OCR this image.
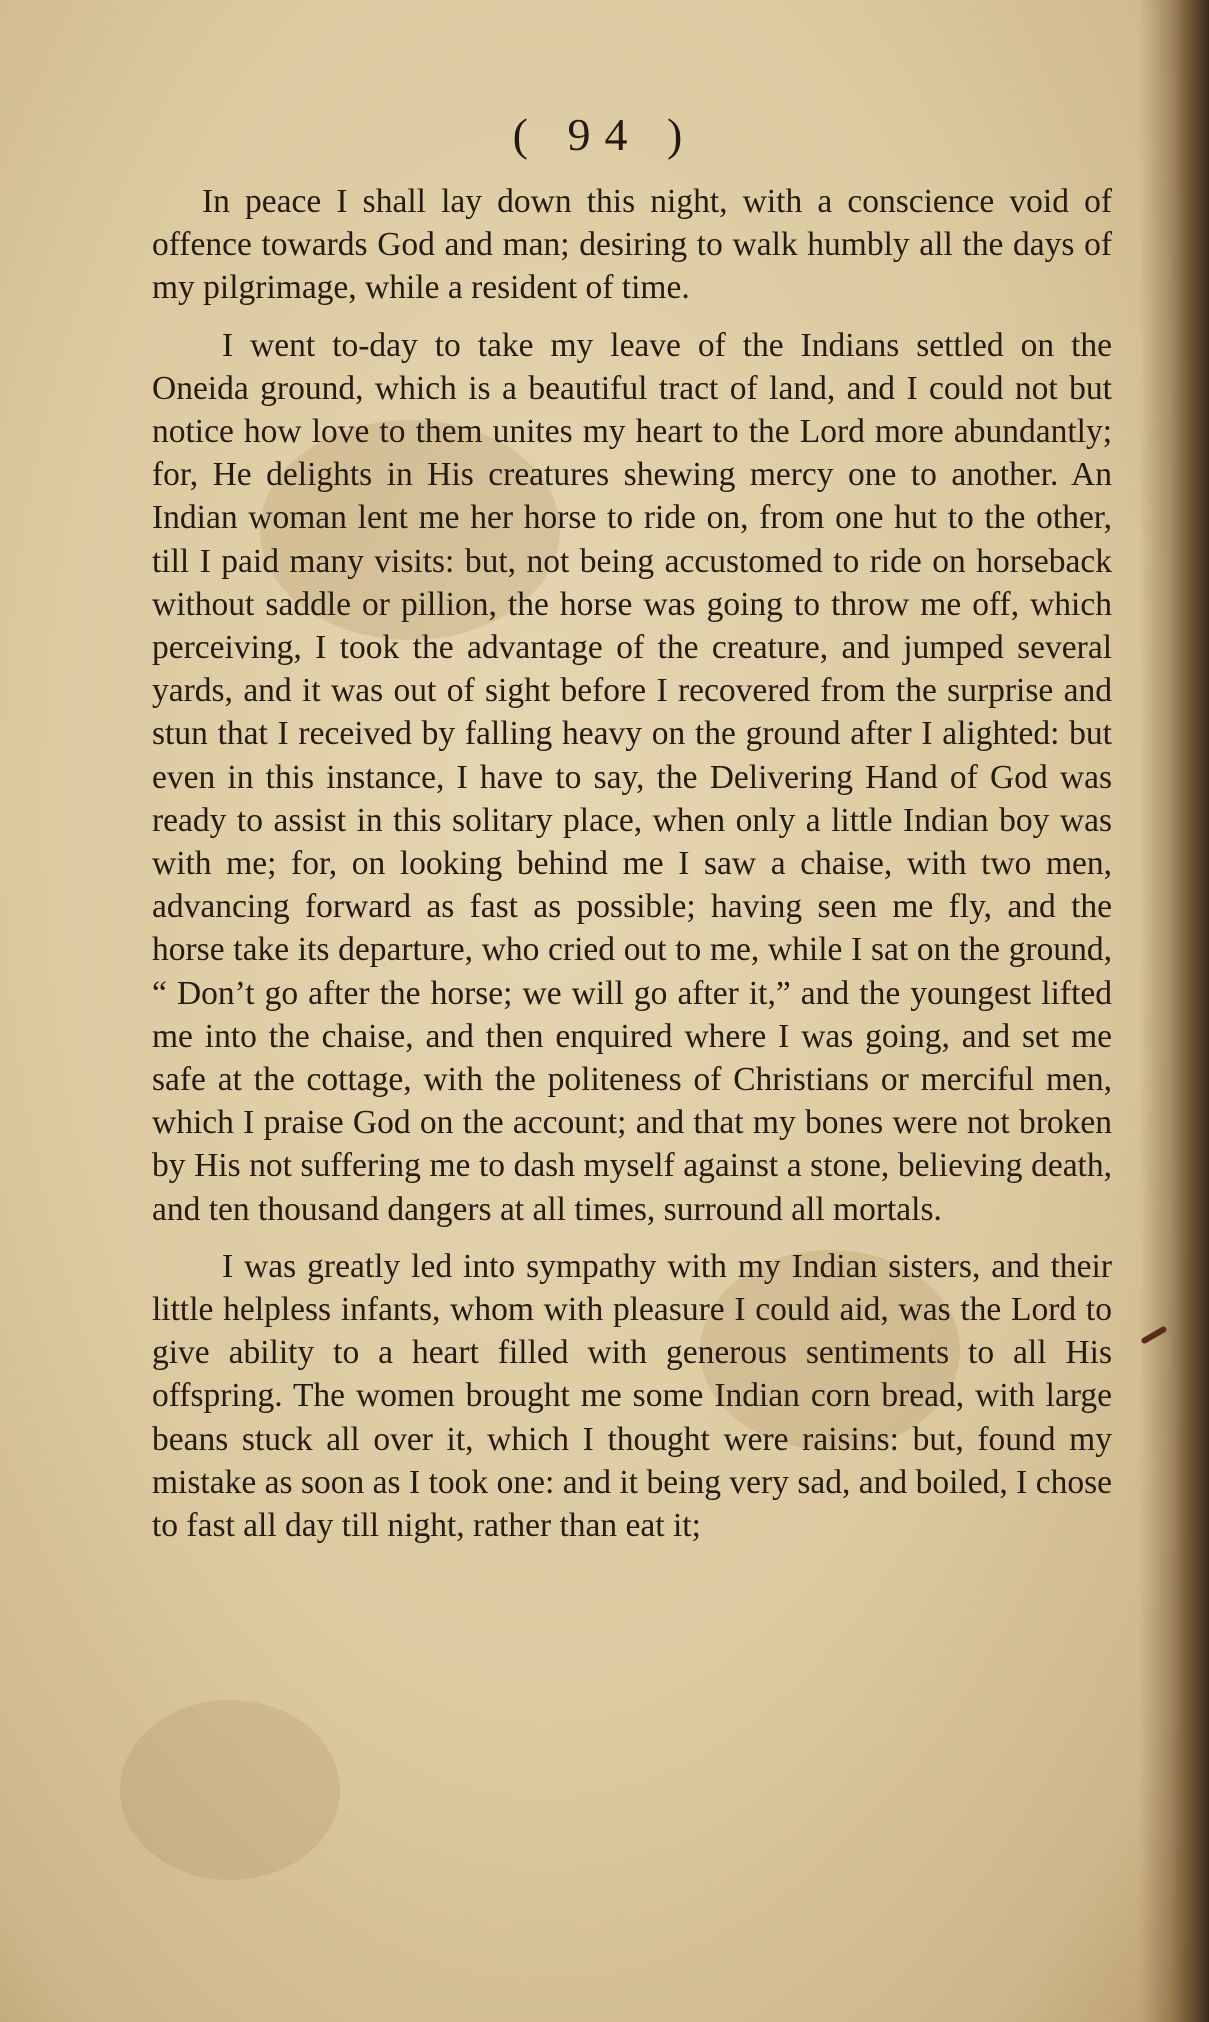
( 94 )

In peace I shall lay down this night, with a conscience void of offence towards God and man; desiring to walk humbly all the days of my pilgrimage, while a resident of time.

I went to-day to take my leave of the Indians settled on the Oneida ground, which is a beautiful tract of land, and I could not but notice how love to them unites my heart to the Lord more abundantly; for, He delights in His creatures shewing mercy one to another. An Indian woman lent me her horse to ride on, from one hut to the other, till I paid many visits: but, not being accustomed to ride on horseback without saddle or pillion, the horse was going to throw me off, which perceiving, I took the advantage of the creature, and jumped several yards, and it was out of sight before I recovered from the surprise and stun that I received by falling heavy on the ground after I alighted: but even in this instance, I have to say, the Delivering Hand of God was ready to assist in this solitary place, when only a little Indian boy was with me; for, on looking behind me I saw a chaise, with two men, advancing forward as fast as possible; having seen me fly, and the horse take its departure, who cried out to me, while I sat on the ground, “ Don’t go after the horse; we will go after it,” and the youngest lifted me into the chaise, and then enquired where I was going, and set me safe at the cottage, with the politeness of Christians or merciful men, which I praise God on the account; and that my bones were not broken by His not suffering me to dash myself against a stone, believing death, and ten thousand dangers at all times, surround all mortals.

I was greatly led into sympathy with my Indian sisters, and their little helpless infants, whom with pleasure I could aid, was the Lord to give ability to a heart filled with generous sentiments to all His offspring. The women brought me some Indian corn bread, with large beans stuck all over it, which I thought were raisins: but, found my mistake as soon as I took one: and it being very sad, and boiled, I chose to fast all day till night, rather than eat it;
